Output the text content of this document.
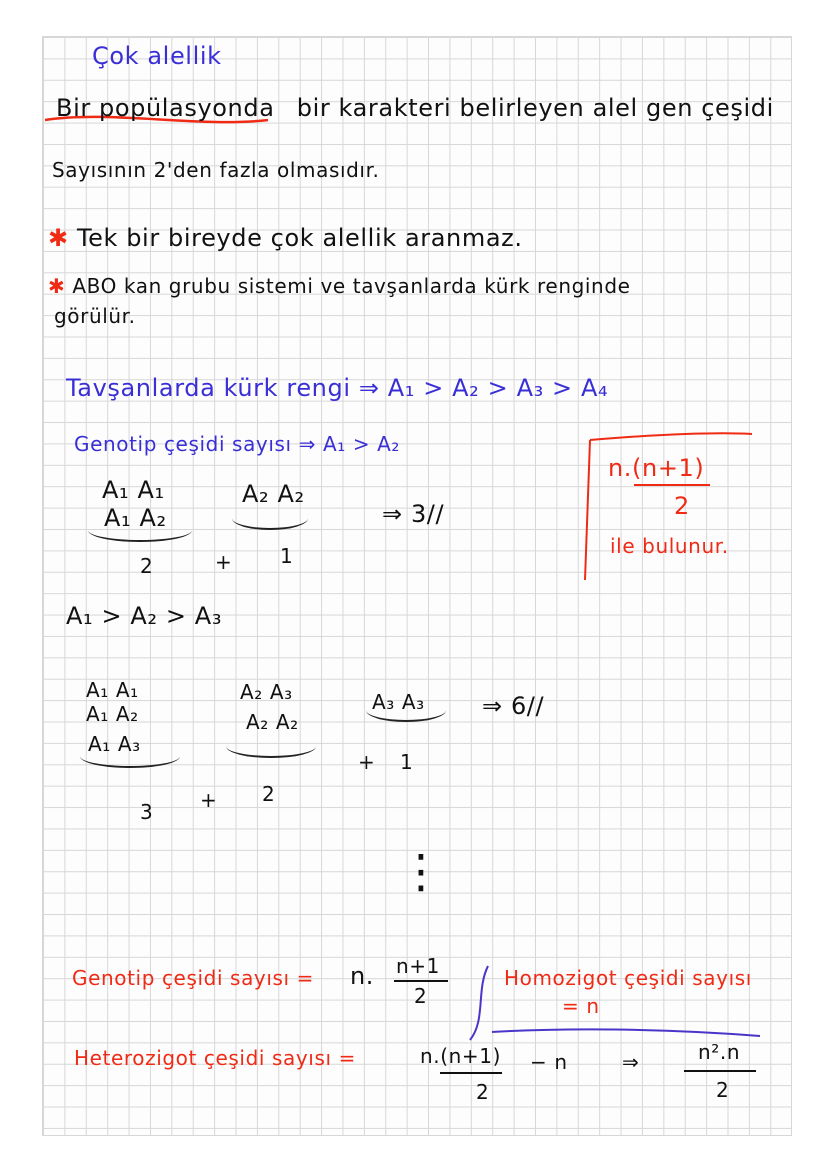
Çok alellik
Bir popülasyonda bir karakteri belirleyen alel gen çeşidi
Sayısının 2'den fazla olmasıdır.
✱ Tek bir bireyde çok alellik aranmaz.
✱ ABO kan grubu sistemi ve tavşanlarda kürk renginde
görülür.
Tavşanlarda kürk rengi ⇒ A₁ > A₂ > A₃ > A₄
Genotip çeşidi sayısı ⇒ A₁ > A₂
A₁ A₁
A₁ A₂
2	+
A₂ A₂
1
⇒ 3//
n.(n+1)
2
ile bulunur.
A₁ > A₂ > A₃
A₁ A₁
A₁ A₂
A₁ A₃
3 +
A₂ A₃
A₂ A₂
2
+
A₃ A₃
1
⇒ 6//
⋮
Genotip çeşidi sayısı = n. n+1
2
Homozigot çeşidi sayısı
= n
Heterozigot çeşidi sayısı =	n.(n+1)
2
− n	⇒	n².n
2
